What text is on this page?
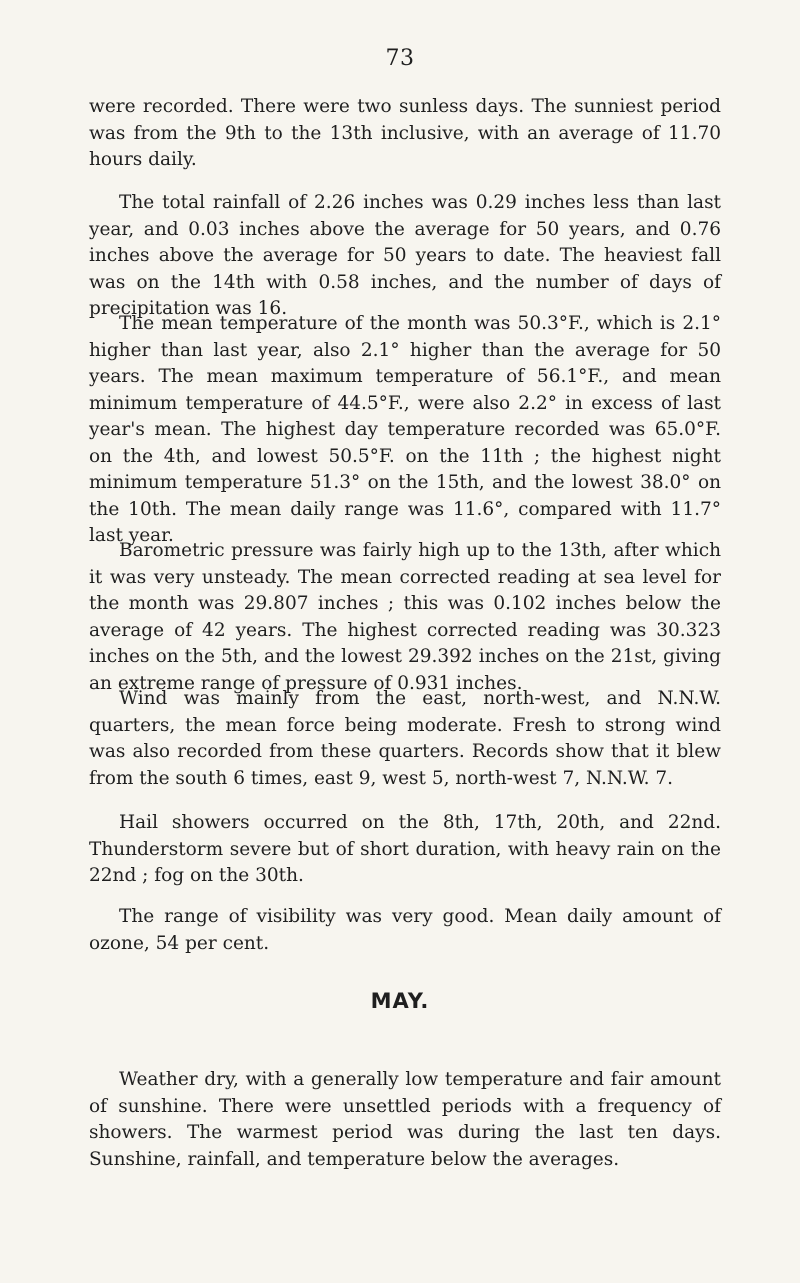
73

were recorded. There were two sunless days. The sunniest period was from the 9th to the 13th inclusive, with an average of 11.70 hours daily.

The total rainfall of 2.26 inches was 0.29 inches less than last year, and 0.03 inches above the average for 50 years, and 0.76 inches above the average for 50 years to date. The heaviest fall was on the 14th with 0.58 inches, and the number of days of precipitation was 16.

The mean temperature of the month was 50.3°F., which is 2.1° higher than last year, also 2.1° higher than the average for 50 years. The mean maximum temperature of 56.1°F., and mean minimum temperature of 44.5°F., were also 2.2° in excess of last year's mean. The highest day temperature recorded was 65.0°F. on the 4th, and lowest 50.5°F. on the 11th ; the highest night minimum temperature 51.3° on the 15th, and the lowest 38.0° on the 10th. The mean daily range was 11.6°, compared with 11.7° last year.

Barometric pressure was fairly high up to the 13th, after which it was very unsteady. The mean corrected reading at sea level for the month was 29.807 inches ; this was 0.102 inches below the average of 42 years. The highest corrected reading was 30.323 inches on the 5th, and the lowest 29.392 inches on the 21st, giving an extreme range of pressure of 0.931 inches.

Wind was mainly from the east, north-west, and N.N.W. quarters, the mean force being moderate. Fresh to strong wind was also recorded from these quarters. Records show that it blew from the south 6 times, east 9, west 5, north-west 7, N.N.W. 7.

Hail showers occurred on the 8th, 17th, 20th, and 22nd. Thunderstorm severe but of short duration, with heavy rain on the 22nd ; fog on the 30th.

The range of visibility was very good. Mean daily amount of ozone, 54 per cent.

MAY.

Weather dry, with a generally low temperature and fair amount of sunshine. There were unsettled periods with a frequency of showers. The warmest period was during the last ten days. Sunshine, rainfall, and temperature below the averages.
